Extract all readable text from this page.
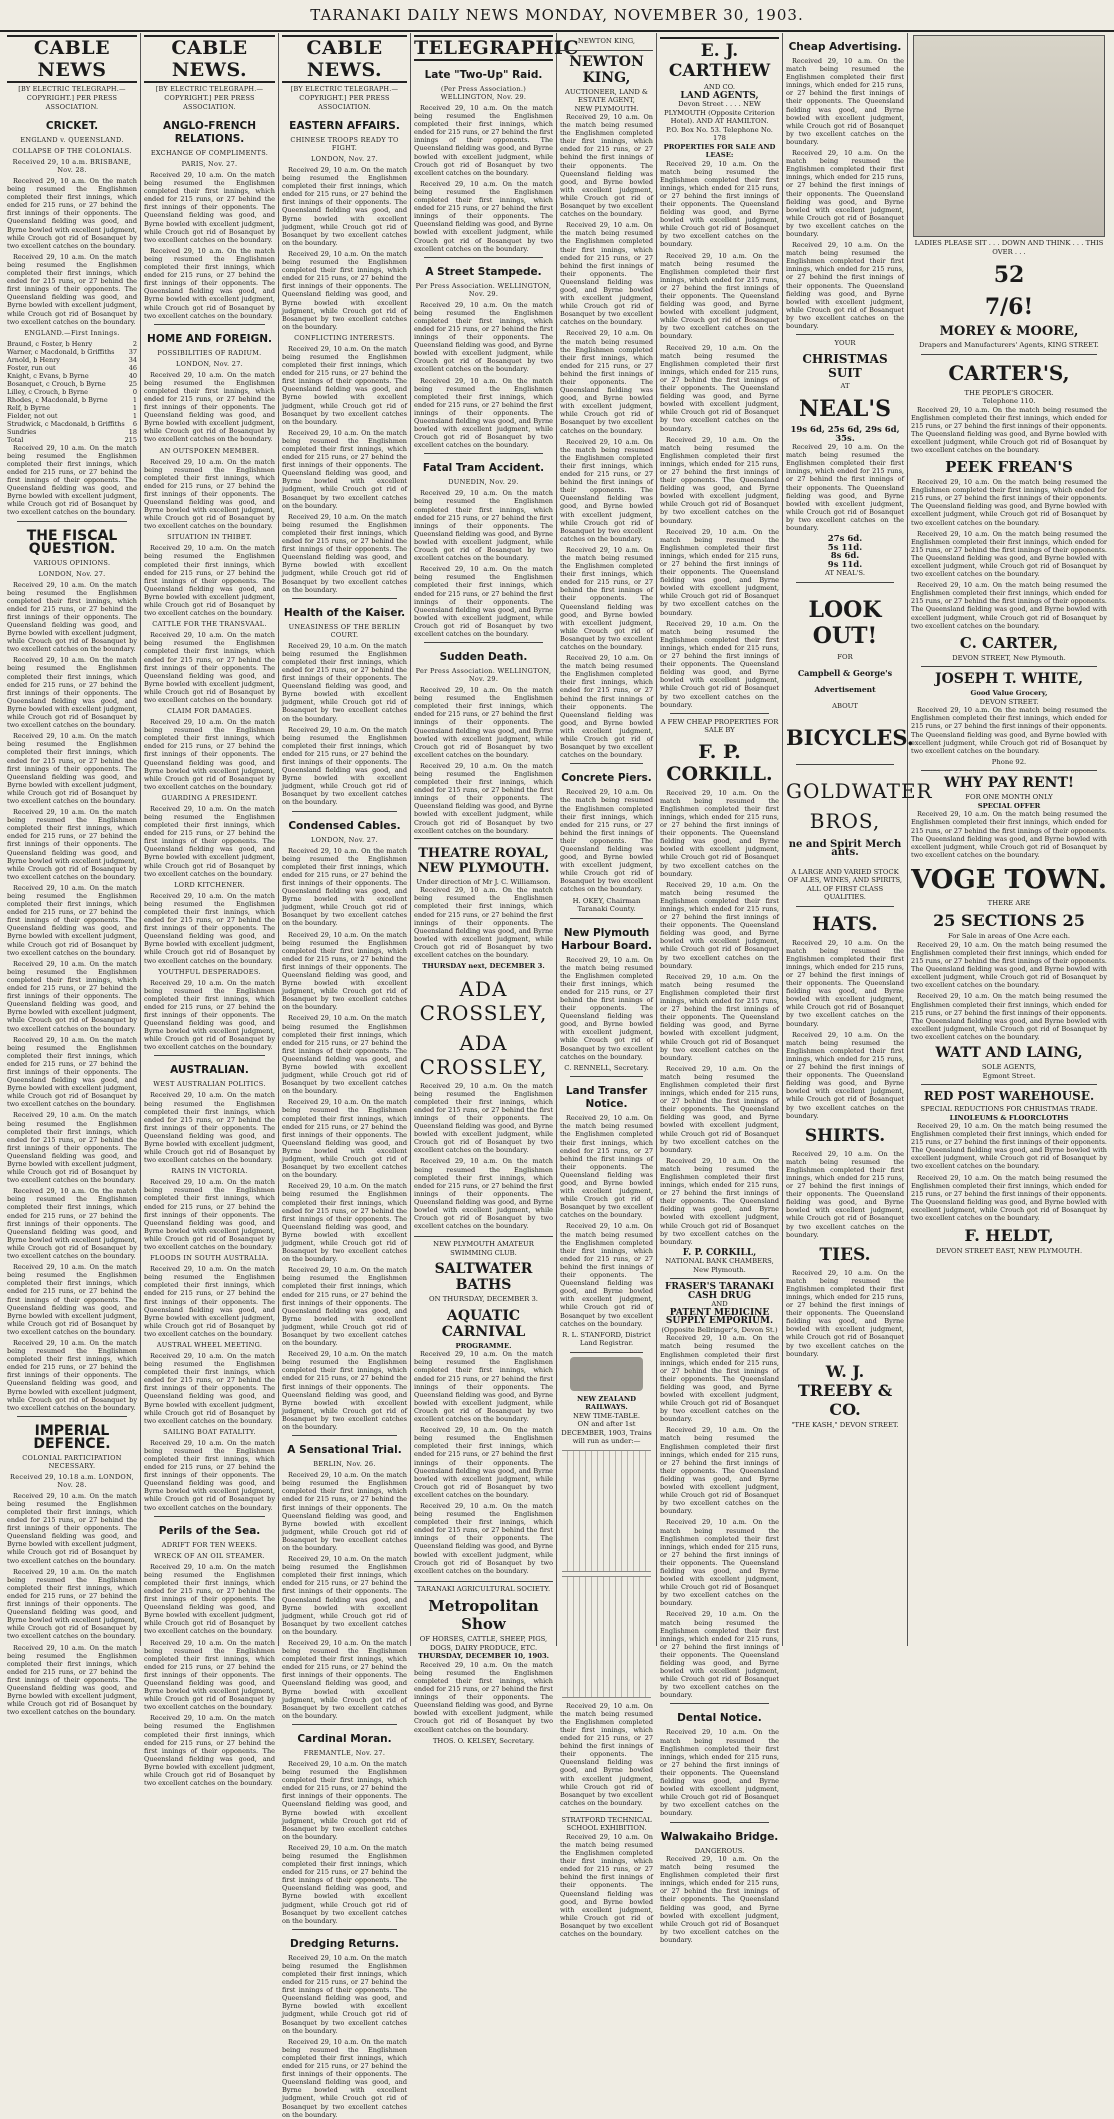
TARANAKI DAILY NEWS MONDAY, NOVEMBER 30, 1903.
CABLE NEWS
[BY ELECTRIC TELEGRAPH.—COPYRIGHT.] PER PRESS ASSOCIATION.
CRICKET.
ENGLAND v. QUEENSLAND.
COLLAPSE OF THE COLONIALS.
Received 29, 10 a.m. BRISBANE, Nov. 28.
Received 29, 10 a.m. On the match being resumed the Englishmen completed their first innings, which ended for 215 runs, or 27 behind the first innings of their opponents. The Queensland fielding was good, and Byrne bowled with excellent judgment, while Crouch got rid of Bosanquet by two excellent catches on the boundary.
Received 29, 10 a.m. On the match being resumed the Englishmen completed their first innings, which ended for 215 runs, or 27 behind the first innings of their opponents. The Queensland fielding was good, and Byrne bowled with excellent judgment, while Crouch got rid of Bosanquet by two excellent catches on the boundary.
ENGLAND.—First Innings.
Braund, c Foster, b Henry	2
Warner, c Macdonald, b Griffiths 37
Arnold, b Henry	34
Foster, run out	46
Knight, c Evans, b Byrne	40
Bosanquet, c Crouch, b Byrne	25
Lilley, c Crouch, b Byrne	0
Rhodes, c Macdonald, b Byrne	1
Relf, b Byrne	1
Fielder, not out	1
Strudwick, c Macdonald, b Griffiths 6
Sundries	18
Total	215
Received 29, 10 a.m. On the match being resumed the Englishmen completed their first innings, which ended for 215 runs, or 27 behind the first innings of their opponents. The Queensland fielding was good, and Byrne bowled with excellent judgment, while Crouch got rid of Bosanquet by two excellent catches on the boundary.
THE FISCAL QUESTION.
VARIOUS OPINIONS.
LONDON, Nov. 27.
Received 29, 10 a.m. On the match being resumed the Englishmen completed their first innings, which ended for 215 runs, or 27 behind the first innings of their opponents. The Queensland fielding was good, and Byrne bowled with excellent judgment, while Crouch got rid of Bosanquet by two excellent catches on the boundary.
Received 29, 10 a.m. On the match being resumed the Englishmen completed their first innings, which ended for 215 runs, or 27 behind the first innings of their opponents. The Queensland fielding was good, and Byrne bowled with excellent judgment, while Crouch got rid of Bosanquet by two excellent catches on the boundary.
Received 29, 10 a.m. On the match being resumed the Englishmen completed their first innings, which ended for 215 runs, or 27 behind the first innings of their opponents. The Queensland fielding was good, and Byrne bowled with excellent judgment, while Crouch got rid of Bosanquet by two excellent catches on the boundary.
Received 29, 10 a.m. On the match being resumed the Englishmen completed their first innings, which ended for 215 runs, or 27 behind the first innings of their opponents. The Queensland fielding was good, and Byrne bowled with excellent judgment, while Crouch got rid of Bosanquet by two excellent catches on the boundary.
Received 29, 10 a.m. On the match being resumed the Englishmen completed their first innings, which ended for 215 runs, or 27 behind the first innings of their opponents. The Queensland fielding was good, and Byrne bowled with excellent judgment, while Crouch got rid of Bosanquet by two excellent catches on the boundary.
Received 29, 10 a.m. On the match being resumed the Englishmen completed their first innings, which ended for 215 runs, or 27 behind the first innings of their opponents. The Queensland fielding was good, and Byrne bowled with excellent judgment, while Crouch got rid of Bosanquet by two excellent catches on the boundary.
Received 29, 10 a.m. On the match being resumed the Englishmen completed their first innings, which ended for 215 runs, or 27 behind the first innings of their opponents. The Queensland fielding was good, and Byrne bowled with excellent judgment, while Crouch got rid of Bosanquet by two excellent catches on the boundary.
Received 29, 10 a.m. On the match being resumed the Englishmen completed their first innings, which ended for 215 runs, or 27 behind the first innings of their opponents. The Queensland fielding was good, and Byrne bowled with excellent judgment, while Crouch got rid of Bosanquet by two excellent catches on the boundary.
Received 29, 10 a.m. On the match being resumed the Englishmen completed their first innings, which ended for 215 runs, or 27 behind the first innings of their opponents. The Queensland fielding was good, and Byrne bowled with excellent judgment, while Crouch got rid of Bosanquet by two excellent catches on the boundary.
Received 29, 10 a.m. On the match being resumed the Englishmen completed their first innings, which ended for 215 runs, or 27 behind the first innings of their opponents. The Queensland fielding was good, and Byrne bowled with excellent judgment, while Crouch got rid of Bosanquet by two excellent catches on the boundary.
Received 29, 10 a.m. On the match being resumed the Englishmen completed their first innings, which ended for 215 runs, or 27 behind the first innings of their opponents. The Queensland fielding was good, and Byrne bowled with excellent judgment, while Crouch got rid of Bosanquet by two excellent catches on the boundary.
IMPERIAL DEFENCE.
COLONIAL PARTICIPATION NECESSARY.
Received 29, 10.18 a.m. LONDON, Nov. 28.
Received 29, 10 a.m. On the match being resumed the Englishmen completed their first innings, which ended for 215 runs, or 27 behind the first innings of their opponents. The Queensland fielding was good, and Byrne bowled with excellent judgment, while Crouch got rid of Bosanquet by two excellent catches on the boundary.
Received 29, 10 a.m. On the match being resumed the Englishmen completed their first innings, which ended for 215 runs, or 27 behind the first innings of their opponents. The Queensland fielding was good, and Byrne bowled with excellent judgment, while Crouch got rid of Bosanquet by two excellent catches on the boundary.
Received 29, 10 a.m. On the match being resumed the Englishmen completed their first innings, which ended for 215 runs, or 27 behind the first innings of their opponents. The Queensland fielding was good, and Byrne bowled with excellent judgment, while Crouch got rid of Bosanquet by two excellent catches on the boundary.
CABLE NEWS.
[BY ELECTRIC TELEGRAPH.—COPYRIGHT.] PER PRESS ASSOCIATION.
ANGLO-FRENCH RELATIONS.
EXCHANGE OF COMPLIMENTS.
PARIS, Nov. 27.
Received 29, 10 a.m. On the match being resumed the Englishmen completed their first innings, which ended for 215 runs, or 27 behind the first innings of their opponents. The Queensland fielding was good, and Byrne bowled with excellent judgment, while Crouch got rid of Bosanquet by two excellent catches on the boundary.
Received 29, 10 a.m. On the match being resumed the Englishmen completed their first innings, which ended for 215 runs, or 27 behind the first innings of their opponents. The Queensland fielding was good, and Byrne bowled with excellent judgment, while Crouch got rid of Bosanquet by two excellent catches on the boundary.
HOME AND FOREIGN.
POSSIBILITIES OF RADIUM.
LONDON, Nov. 27.
Received 29, 10 a.m. On the match being resumed the Englishmen completed their first innings, which ended for 215 runs, or 27 behind the first innings of their opponents. The Queensland fielding was good, and Byrne bowled with excellent judgment, while Crouch got rid of Bosanquet by two excellent catches on the boundary.
AN OUTSPOKEN MEMBER.
Received 29, 10 a.m. On the match being resumed the Englishmen completed their first innings, which ended for 215 runs, or 27 behind the first innings of their opponents. The Queensland fielding was good, and Byrne bowled with excellent judgment, while Crouch got rid of Bosanquet by two excellent catches on the boundary.
SITUATION IN THIBET.
Received 29, 10 a.m. On the match being resumed the Englishmen completed their first innings, which ended for 215 runs, or 27 behind the first innings of their opponents. The Queensland fielding was good, and Byrne bowled with excellent judgment, while Crouch got rid of Bosanquet by two excellent catches on the boundary.
CATTLE FOR THE TRANSVAAL.
Received 29, 10 a.m. On the match being resumed the Englishmen completed their first innings, which ended for 215 runs, or 27 behind the first innings of their opponents. The Queensland fielding was good, and Byrne bowled with excellent judgment, while Crouch got rid of Bosanquet by two excellent catches on the boundary.
CLAIM FOR DAMAGES.
Received 29, 10 a.m. On the match being resumed the Englishmen completed their first innings, which ended for 215 runs, or 27 behind the first innings of their opponents. The Queensland fielding was good, and Byrne bowled with excellent judgment, while Crouch got rid of Bosanquet by two excellent catches on the boundary.
GUARDING A PRESIDENT.
Received 29, 10 a.m. On the match being resumed the Englishmen completed their first innings, which ended for 215 runs, or 27 behind the first innings of their opponents. The Queensland fielding was good, and Byrne bowled with excellent judgment, while Crouch got rid of Bosanquet by two excellent catches on the boundary.
LORD KITCHENER.
Received 29, 10 a.m. On the match being resumed the Englishmen completed their first innings, which ended for 215 runs, or 27 behind the first innings of their opponents. The Queensland fielding was good, and Byrne bowled with excellent judgment, while Crouch got rid of Bosanquet by two excellent catches on the boundary.
YOUTHFUL DESPERADOES.
Received 29, 10 a.m. On the match being resumed the Englishmen completed their first innings, which ended for 215 runs, or 27 behind the first innings of their opponents. The Queensland fielding was good, and Byrne bowled with excellent judgment, while Crouch got rid of Bosanquet by two excellent catches on the boundary.
AUSTRALIAN.
WEST AUSTRALIAN POLITICS.
Received 29, 10 a.m. On the match being resumed the Englishmen completed their first innings, which ended for 215 runs, or 27 behind the first innings of their opponents. The Queensland fielding was good, and Byrne bowled with excellent judgment, while Crouch got rid of Bosanquet by two excellent catches on the boundary.
RAINS IN VICTORIA.
Received 29, 10 a.m. On the match being resumed the Englishmen completed their first innings, which ended for 215 runs, or 27 behind the first innings of their opponents. The Queensland fielding was good, and Byrne bowled with excellent judgment, while Crouch got rid of Bosanquet by two excellent catches on the boundary.
FLOODS IN SOUTH AUSTRALIA.
Received 29, 10 a.m. On the match being resumed the Englishmen completed their first innings, which ended for 215 runs, or 27 behind the first innings of their opponents. The Queensland fielding was good, and Byrne bowled with excellent judgment, while Crouch got rid of Bosanquet by two excellent catches on the boundary.
AUSTRAL WHEEL MEETING.
Received 29, 10 a.m. On the match being resumed the Englishmen completed their first innings, which ended for 215 runs, or 27 behind the first innings of their opponents. The Queensland fielding was good, and Byrne bowled with excellent judgment, while Crouch got rid of Bosanquet by two excellent catches on the boundary.
SAILING BOAT FATALITY.
Received 29, 10 a.m. On the match being resumed the Englishmen completed their first innings, which ended for 215 runs, or 27 behind the first innings of their opponents. The Queensland fielding was good, and Byrne bowled with excellent judgment, while Crouch got rid of Bosanquet by two excellent catches on the boundary.
Perils of the Sea.
ADRIFT FOR TEN WEEKS.
WRECK OF AN OIL STEAMER.
Received 29, 10 a.m. On the match being resumed the Englishmen completed their first innings, which ended for 215 runs, or 27 behind the first innings of their opponents. The Queensland fielding was good, and Byrne bowled with excellent judgment, while Crouch got rid of Bosanquet by two excellent catches on the boundary.
Received 29, 10 a.m. On the match being resumed the Englishmen completed their first innings, which ended for 215 runs, or 27 behind the first innings of their opponents. The Queensland fielding was good, and Byrne bowled with excellent judgment, while Crouch got rid of Bosanquet by two excellent catches on the boundary.
Received 29, 10 a.m. On the match being resumed the Englishmen completed their first innings, which ended for 215 runs, or 27 behind the first innings of their opponents. The Queensland fielding was good, and Byrne bowled with excellent judgment, while Crouch got rid of Bosanquet by two excellent catches on the boundary.
CABLE NEWS.
[BY ELECTRIC TELEGRAPH.—COPYRIGHT.] PER PRESS ASSOCIATION.
EASTERN AFFAIRS.
CHINESE TROOPS READY TO FIGHT.
LONDON, Nov. 27.
Received 29, 10 a.m. On the match being resumed the Englishmen completed their first innings, which ended for 215 runs, or 27 behind the first innings of their opponents. The Queensland fielding was good, and Byrne bowled with excellent judgment, while Crouch got rid of Bosanquet by two excellent catches on the boundary.
Received 29, 10 a.m. On the match being resumed the Englishmen completed their first innings, which ended for 215 runs, or 27 behind the first innings of their opponents. The Queensland fielding was good, and Byrne bowled with excellent judgment, while Crouch got rid of Bosanquet by two excellent catches on the boundary.
CONFLICTING INTERESTS.
Received 29, 10 a.m. On the match being resumed the Englishmen completed their first innings, which ended for 215 runs, or 27 behind the first innings of their opponents. The Queensland fielding was good, and Byrne bowled with excellent judgment, while Crouch got rid of Bosanquet by two excellent catches on the boundary.
Received 29, 10 a.m. On the match being resumed the Englishmen completed their first innings, which ended for 215 runs, or 27 behind the first innings of their opponents. The Queensland fielding was good, and Byrne bowled with excellent judgment, while Crouch got rid of Bosanquet by two excellent catches on the boundary.
Received 29, 10 a.m. On the match being resumed the Englishmen completed their first innings, which ended for 215 runs, or 27 behind the first innings of their opponents. The Queensland fielding was good, and Byrne bowled with excellent judgment, while Crouch got rid of Bosanquet by two excellent catches on the boundary.
Health of the Kaiser.
UNEASINESS OF THE BERLIN COURT.
Received 29, 10 a.m. On the match being resumed the Englishmen completed their first innings, which ended for 215 runs, or 27 behind the first innings of their opponents. The Queensland fielding was good, and Byrne bowled with excellent judgment, while Crouch got rid of Bosanquet by two excellent catches on the boundary.
Received 29, 10 a.m. On the match being resumed the Englishmen completed their first innings, which ended for 215 runs, or 27 behind the first innings of their opponents. The Queensland fielding was good, and Byrne bowled with excellent judgment, while Crouch got rid of Bosanquet by two excellent catches on the boundary.
Condensed Cables.
LONDON, Nov. 27.
Received 29, 10 a.m. On the match being resumed the Englishmen completed their first innings, which ended for 215 runs, or 27 behind the first innings of their opponents. The Queensland fielding was good, and Byrne bowled with excellent judgment, while Crouch got rid of Bosanquet by two excellent catches on the boundary.
Received 29, 10 a.m. On the match being resumed the Englishmen completed their first innings, which ended for 215 runs, or 27 behind the first innings of their opponents. The Queensland fielding was good, and Byrne bowled with excellent judgment, while Crouch got rid of Bosanquet by two excellent catches on the boundary.
Received 29, 10 a.m. On the match being resumed the Englishmen completed their first innings, which ended for 215 runs, or 27 behind the first innings of their opponents. The Queensland fielding was good, and Byrne bowled with excellent judgment, while Crouch got rid of Bosanquet by two excellent catches on the boundary.
Received 29, 10 a.m. On the match being resumed the Englishmen completed their first innings, which ended for 215 runs, or 27 behind the first innings of their opponents. The Queensland fielding was good, and Byrne bowled with excellent judgment, while Crouch got rid of Bosanquet by two excellent catches on the boundary.
Received 29, 10 a.m. On the match being resumed the Englishmen completed their first innings, which ended for 215 runs, or 27 behind the first innings of their opponents. The Queensland fielding was good, and Byrne bowled with excellent judgment, while Crouch got rid of Bosanquet by two excellent catches on the boundary.
Received 29, 10 a.m. On the match being resumed the Englishmen completed their first innings, which ended for 215 runs, or 27 behind the first innings of their opponents. The Queensland fielding was good, and Byrne bowled with excellent judgment, while Crouch got rid of Bosanquet by two excellent catches on the boundary.
Received 29, 10 a.m. On the match being resumed the Englishmen completed their first innings, which ended for 215 runs, or 27 behind the first innings of their opponents. The Queensland fielding was good, and Byrne bowled with excellent judgment, while Crouch got rid of Bosanquet by two excellent catches on the boundary.
A Sensational Trial.
BERLIN, Nov. 26.
Received 29, 10 a.m. On the match being resumed the Englishmen completed their first innings, which ended for 215 runs, or 27 behind the first innings of their opponents. The Queensland fielding was good, and Byrne bowled with excellent judgment, while Crouch got rid of Bosanquet by two excellent catches on the boundary.
Received 29, 10 a.m. On the match being resumed the Englishmen completed their first innings, which ended for 215 runs, or 27 behind the first innings of their opponents. The Queensland fielding was good, and Byrne bowled with excellent judgment, while Crouch got rid of Bosanquet by two excellent catches on the boundary.
Received 29, 10 a.m. On the match being resumed the Englishmen completed their first innings, which ended for 215 runs, or 27 behind the first innings of their opponents. The Queensland fielding was good, and Byrne bowled with excellent judgment, while Crouch got rid of Bosanquet by two excellent catches on the boundary.
Cardinal Moran.
FREMANTLE, Nov. 27.
Received 29, 10 a.m. On the match being resumed the Englishmen completed their first innings, which ended for 215 runs, or 27 behind the first innings of their opponents. The Queensland fielding was good, and Byrne bowled with excellent judgment, while Crouch got rid of Bosanquet by two excellent catches on the boundary.
Received 29, 10 a.m. On the match being resumed the Englishmen completed their first innings, which ended for 215 runs, or 27 behind the first innings of their opponents. The Queensland fielding was good, and Byrne bowled with excellent judgment, while Crouch got rid of Bosanquet by two excellent catches on the boundary.
Dredging Returns.
Received 29, 10 a.m. On the match being resumed the Englishmen completed their first innings, which ended for 215 runs, or 27 behind the first innings of their opponents. The Queensland fielding was good, and Byrne bowled with excellent judgment, while Crouch got rid of Bosanquet by two excellent catches on the boundary.
Received 29, 10 a.m. On the match being resumed the Englishmen completed their first innings, which ended for 215 runs, or 27 behind the first innings of their opponents. The Queensland fielding was good, and Byrne bowled with excellent judgment, while Crouch got rid of Bosanquet by two excellent catches on the boundary.
TELEGRAPHIC
Late "Two-Up" Raid.
(Per Press Association.) WELLINGTON, Nov. 29.
Received 29, 10 a.m. On the match being resumed the Englishmen completed their first innings, which ended for 215 runs, or 27 behind the first innings of their opponents. The Queensland fielding was good, and Byrne bowled with excellent judgment, while Crouch got rid of Bosanquet by two excellent catches on the boundary.
Received 29, 10 a.m. On the match being resumed the Englishmen completed their first innings, which ended for 215 runs, or 27 behind the first innings of their opponents. The Queensland fielding was good, and Byrne bowled with excellent judgment, while Crouch got rid of Bosanquet by two excellent catches on the boundary.
A Street Stampede.
Per Press Association. WELLINGTON, Nov. 29.
Received 29, 10 a.m. On the match being resumed the Englishmen completed their first innings, which ended for 215 runs, or 27 behind the first innings of their opponents. The Queensland fielding was good, and Byrne bowled with excellent judgment, while Crouch got rid of Bosanquet by two excellent catches on the boundary.
Received 29, 10 a.m. On the match being resumed the Englishmen completed their first innings, which ended for 215 runs, or 27 behind the first innings of their opponents. The Queensland fielding was good, and Byrne bowled with excellent judgment, while Crouch got rid of Bosanquet by two excellent catches on the boundary.
Fatal Tram Accident.
DUNEDIN, Nov. 29.
Received 29, 10 a.m. On the match being resumed the Englishmen completed their first innings, which ended for 215 runs, or 27 behind the first innings of their opponents. The Queensland fielding was good, and Byrne bowled with excellent judgment, while Crouch got rid of Bosanquet by two excellent catches on the boundary.
Received 29, 10 a.m. On the match being resumed the Englishmen completed their first innings, which ended for 215 runs, or 27 behind the first innings of their opponents. The Queensland fielding was good, and Byrne bowled with excellent judgment, while Crouch got rid of Bosanquet by two excellent catches on the boundary.
Sudden Death.
Per Press Association. WELLINGTON, Nov. 29.
Received 29, 10 a.m. On the match being resumed the Englishmen completed their first innings, which ended for 215 runs, or 27 behind the first innings of their opponents. The Queensland fielding was good, and Byrne bowled with excellent judgment, while Crouch got rid of Bosanquet by two excellent catches on the boundary.
Received 29, 10 a.m. On the match being resumed the Englishmen completed their first innings, which ended for 215 runs, or 27 behind the first innings of their opponents. The Queensland fielding was good, and Byrne bowled with excellent judgment, while Crouch got rid of Bosanquet by two excellent catches on the boundary.
THEATRE ROYAL, NEW PLYMOUTH.
Under direction of Mr J. C. Williamson.
Received 29, 10 a.m. On the match being resumed the Englishmen completed their first innings, which ended for 215 runs, or 27 behind the first innings of their opponents. The Queensland fielding was good, and Byrne bowled with excellent judgment, while Crouch got rid of Bosanquet by two excellent catches on the boundary.
THURSDAY next, DECEMBER 3.
ADA CROSSLEY,
ADA CROSSLEY,
Received 29, 10 a.m. On the match being resumed the Englishmen completed their first innings, which ended for 215 runs, or 27 behind the first innings of their opponents. The Queensland fielding was good, and Byrne bowled with excellent judgment, while Crouch got rid of Bosanquet by two excellent catches on the boundary.
Received 29, 10 a.m. On the match being resumed the Englishmen completed their first innings, which ended for 215 runs, or 27 behind the first innings of their opponents. The Queensland fielding was good, and Byrne bowled with excellent judgment, while Crouch got rid of Bosanquet by two excellent catches on the boundary.
NEW PLYMOUTH AMATEUR SWIMMING CLUB.
SALTWATER BATHS
ON THURSDAY, DECEMBER 3.
AQUATIC CARNIVAL
PROGRAMME.
Received 29, 10 a.m. On the match being resumed the Englishmen completed their first innings, which ended for 215 runs, or 27 behind the first innings of their opponents. The Queensland fielding was good, and Byrne bowled with excellent judgment, while Crouch got rid of Bosanquet by two excellent catches on the boundary.
Received 29, 10 a.m. On the match being resumed the Englishmen completed their first innings, which ended for 215 runs, or 27 behind the first innings of their opponents. The Queensland fielding was good, and Byrne bowled with excellent judgment, while Crouch got rid of Bosanquet by two excellent catches on the boundary.
Received 29, 10 a.m. On the match being resumed the Englishmen completed their first innings, which ended for 215 runs, or 27 behind the first innings of their opponents. The Queensland fielding was good, and Byrne bowled with excellent judgment, while Crouch got rid of Bosanquet by two excellent catches on the boundary.
TARANAKI AGRICULTURAL SOCIETY.
Metropolitan Show
OF HORSES, CATTLE, SHEEP, PIGS, DOGS, DAIRY PRODUCE, ETC.
THURSDAY, DECEMBER 10, 1903.
Received 29, 10 a.m. On the match being resumed the Englishmen completed their first innings, which ended for 215 runs, or 27 behind the first innings of their opponents. The Queensland fielding was good, and Byrne bowled with excellent judgment, while Crouch got rid of Bosanquet by two excellent catches on the boundary.
THOS. O. KELSEY, Secretary.
NEWTON KING,
NEWTON KING,
AUCTIONEER, LAND & ESTATE AGENT,
NEW PLYMOUTH.
Received 29, 10 a.m. On the match being resumed the Englishmen completed their first innings, which ended for 215 runs, or 27 behind the first innings of their opponents. The Queensland fielding was good, and Byrne bowled with excellent judgment, while Crouch got rid of Bosanquet by two excellent catches on the boundary.
Received 29, 10 a.m. On the match being resumed the Englishmen completed their first innings, which ended for 215 runs, or 27 behind the first innings of their opponents. The Queensland fielding was good, and Byrne bowled with excellent judgment, while Crouch got rid of Bosanquet by two excellent catches on the boundary.
Received 29, 10 a.m. On the match being resumed the Englishmen completed their first innings, which ended for 215 runs, or 27 behind the first innings of their opponents. The Queensland fielding was good, and Byrne bowled with excellent judgment, while Crouch got rid of Bosanquet by two excellent catches on the boundary.
Received 29, 10 a.m. On the match being resumed the Englishmen completed their first innings, which ended for 215 runs, or 27 behind the first innings of their opponents. The Queensland fielding was good, and Byrne bowled with excellent judgment, while Crouch got rid of Bosanquet by two excellent catches on the boundary.
Received 29, 10 a.m. On the match being resumed the Englishmen completed their first innings, which ended for 215 runs, or 27 behind the first innings of their opponents. The Queensland fielding was good, and Byrne bowled with excellent judgment, while Crouch got rid of Bosanquet by two excellent catches on the boundary.
Received 29, 10 a.m. On the match being resumed the Englishmen completed their first innings, which ended for 215 runs, or 27 behind the first innings of their opponents. The Queensland fielding was good, and Byrne bowled with excellent judgment, while Crouch got rid of Bosanquet by two excellent catches on the boundary.
Concrete Piers.
Received 29, 10 a.m. On the match being resumed the Englishmen completed their first innings, which ended for 215 runs, or 27 behind the first innings of their opponents. The Queensland fielding was good, and Byrne bowled with excellent judgment, while Crouch got rid of Bosanquet by two excellent catches on the boundary.
H. OKEY, Chairman Taranaki County.
New Plymouth Harbour Board.
Received 29, 10 a.m. On the match being resumed the Englishmen completed their first innings, which ended for 215 runs, or 27 behind the first innings of their opponents. The Queensland fielding was good, and Byrne bowled with excellent judgment, while Crouch got rid of Bosanquet by two excellent catches on the boundary.
C. RENNELL, Secretary.
Land Transfer Notice.
Received 29, 10 a.m. On the match being resumed the Englishmen completed their first innings, which ended for 215 runs, or 27 behind the first innings of their opponents. The Queensland fielding was good, and Byrne bowled with excellent judgment, while Crouch got rid of Bosanquet by two excellent catches on the boundary.
Received 29, 10 a.m. On the match being resumed the Englishmen completed their first innings, which ended for 215 runs, or 27 behind the first innings of their opponents. The Queensland fielding was good, and Byrne bowled with excellent judgment, while Crouch got rid of Bosanquet by two excellent catches on the boundary.
R. L. STANFORD, District Land Registrar.
NEW ZEALAND RAILWAYS.
NEW TIME-TABLE.
ON and after 1st DECEMBER, 1903, Trains will run as under:—
Received 29, 10 a.m. On the match being resumed the Englishmen completed their first innings, which ended for 215 runs, or 27 behind the first innings of their opponents. The Queensland fielding was good, and Byrne bowled with excellent judgment, while Crouch got rid of Bosanquet by two excellent catches on the boundary.
STRATFORD TECHNICAL SCHOOL EXHIBITION.
Received 29, 10 a.m. On the match being resumed the Englishmen completed their first innings, which ended for 215 runs, or 27 behind the first innings of their opponents. The Queensland fielding was good, and Byrne bowled with excellent judgment, while Crouch got rid of Bosanquet by two excellent catches on the boundary.
E. J. CARTHEW
AND CO.
LAND AGENTS,
Devon Street . . . . NEW PLYMOUTH (Opposite Criterion Hotel). AND AT HAMILTON.
P.O. Box No. 53. Telephone No. 178
PROPERTIES FOR SALE AND LEASE:
Received 29, 10 a.m. On the match being resumed the Englishmen completed their first innings, which ended for 215 runs, or 27 behind the first innings of their opponents. The Queensland fielding was good, and Byrne bowled with excellent judgment, while Crouch got rid of Bosanquet by two excellent catches on the boundary.
Received 29, 10 a.m. On the match being resumed the Englishmen completed their first innings, which ended for 215 runs, or 27 behind the first innings of their opponents. The Queensland fielding was good, and Byrne bowled with excellent judgment, while Crouch got rid of Bosanquet by two excellent catches on the boundary.
Received 29, 10 a.m. On the match being resumed the Englishmen completed their first innings, which ended for 215 runs, or 27 behind the first innings of their opponents. The Queensland fielding was good, and Byrne bowled with excellent judgment, while Crouch got rid of Bosanquet by two excellent catches on the boundary.
Received 29, 10 a.m. On the match being resumed the Englishmen completed their first innings, which ended for 215 runs, or 27 behind the first innings of their opponents. The Queensland fielding was good, and Byrne bowled with excellent judgment, while Crouch got rid of Bosanquet by two excellent catches on the boundary.
Received 29, 10 a.m. On the match being resumed the Englishmen completed their first innings, which ended for 215 runs, or 27 behind the first innings of their opponents. The Queensland fielding was good, and Byrne bowled with excellent judgment, while Crouch got rid of Bosanquet by two excellent catches on the boundary.
Received 29, 10 a.m. On the match being resumed the Englishmen completed their first innings, which ended for 215 runs, or 27 behind the first innings of their opponents. The Queensland fielding was good, and Byrne bowled with excellent judgment, while Crouch got rid of Bosanquet by two excellent catches on the boundary.
A FEW CHEAP PROPERTIES FOR SALE BY
F. P. CORKILL.
Received 29, 10 a.m. On the match being resumed the Englishmen completed their first innings, which ended for 215 runs, or 27 behind the first innings of their opponents. The Queensland fielding was good, and Byrne bowled with excellent judgment, while Crouch got rid of Bosanquet by two excellent catches on the boundary.
Received 29, 10 a.m. On the match being resumed the Englishmen completed their first innings, which ended for 215 runs, or 27 behind the first innings of their opponents. The Queensland fielding was good, and Byrne bowled with excellent judgment, while Crouch got rid of Bosanquet by two excellent catches on the boundary.
Received 29, 10 a.m. On the match being resumed the Englishmen completed their first innings, which ended for 215 runs, or 27 behind the first innings of their opponents. The Queensland fielding was good, and Byrne bowled with excellent judgment, while Crouch got rid of Bosanquet by two excellent catches on the boundary.
Received 29, 10 a.m. On the match being resumed the Englishmen completed their first innings, which ended for 215 runs, or 27 behind the first innings of their opponents. The Queensland fielding was good, and Byrne bowled with excellent judgment, while Crouch got rid of Bosanquet by two excellent catches on the boundary.
Received 29, 10 a.m. On the match being resumed the Englishmen completed their first innings, which ended for 215 runs, or 27 behind the first innings of their opponents. The Queensland fielding was good, and Byrne bowled with excellent judgment, while Crouch got rid of Bosanquet by two excellent catches on the boundary.
F. P. CORKILL,
NATIONAL BANK CHAMBERS, New Plymouth.
FRASER'S TARANAKI CASH DRUG
AND
PATENT MEDICINE SUPPLY EMPORIUM.
(Opposite Bellringer's, Devon St.)
Received 29, 10 a.m. On the match being resumed the Englishmen completed their first innings, which ended for 215 runs, or 27 behind the first innings of their opponents. The Queensland fielding was good, and Byrne bowled with excellent judgment, while Crouch got rid of Bosanquet by two excellent catches on the boundary.
Received 29, 10 a.m. On the match being resumed the Englishmen completed their first innings, which ended for 215 runs, or 27 behind the first innings of their opponents. The Queensland fielding was good, and Byrne bowled with excellent judgment, while Crouch got rid of Bosanquet by two excellent catches on the boundary.
Received 29, 10 a.m. On the match being resumed the Englishmen completed their first innings, which ended for 215 runs, or 27 behind the first innings of their opponents. The Queensland fielding was good, and Byrne bowled with excellent judgment, while Crouch got rid of Bosanquet by two excellent catches on the boundary.
Received 29, 10 a.m. On the match being resumed the Englishmen completed their first innings, which ended for 215 runs, or 27 behind the first innings of their opponents. The Queensland fielding was good, and Byrne bowled with excellent judgment, while Crouch got rid of Bosanquet by two excellent catches on the boundary.
Dental Notice.
Received 29, 10 a.m. On the match being resumed the Englishmen completed their first innings, which ended for 215 runs, or 27 behind the first innings of their opponents. The Queensland fielding was good, and Byrne bowled with excellent judgment, while Crouch got rid of Bosanquet by two excellent catches on the boundary.
Walwakaiho Bridge.
DANGEROUS.
Received 29, 10 a.m. On the match being resumed the Englishmen completed their first innings, which ended for 215 runs, or 27 behind the first innings of their opponents. The Queensland fielding was good, and Byrne bowled with excellent judgment, while Crouch got rid of Bosanquet by two excellent catches on the boundary.
Cheap Advertising.
Received 29, 10 a.m. On the match being resumed the Englishmen completed their first innings, which ended for 215 runs, or 27 behind the first innings of their opponents. The Queensland fielding was good, and Byrne bowled with excellent judgment, while Crouch got rid of Bosanquet by two excellent catches on the boundary.
Received 29, 10 a.m. On the match being resumed the Englishmen completed their first innings, which ended for 215 runs, or 27 behind the first innings of their opponents. The Queensland fielding was good, and Byrne bowled with excellent judgment, while Crouch got rid of Bosanquet by two excellent catches on the boundary.
Received 29, 10 a.m. On the match being resumed the Englishmen completed their first innings, which ended for 215 runs, or 27 behind the first innings of their opponents. The Queensland fielding was good, and Byrne bowled with excellent judgment, while Crouch got rid of Bosanquet by two excellent catches on the boundary.
YOUR
CHRISTMAS SUIT
AT
NEAL'S
19s 6d, 25s 6d, 29s 6d, 35s.
Received 29, 10 a.m. On the match being resumed the Englishmen completed their first innings, which ended for 215 runs, or 27 behind the first innings of their opponents. The Queensland fielding was good, and Byrne bowled with excellent judgment, while Crouch got rid of Bosanquet by two excellent catches on the boundary.
27s 6d.
5s 11d.
8s 6d.
9s 11d.
AT NEAL'S.
LOOK OUT!
FOR
Campbell & George's
Advertisement
ABOUT
BICYCLES.
GOLDWATER
BROS,
ne and Spirit Merch ants.
A LARGE AND VARIED STOCK OF ALES, WINES, AND SPIRITS, ALL OF FIRST CLASS QUALITIES.
HATS.
Received 29, 10 a.m. On the match being resumed the Englishmen completed their first innings, which ended for 215 runs, or 27 behind the first innings of their opponents. The Queensland fielding was good, and Byrne bowled with excellent judgment, while Crouch got rid of Bosanquet by two excellent catches on the boundary.
Received 29, 10 a.m. On the match being resumed the Englishmen completed their first innings, which ended for 215 runs, or 27 behind the first innings of their opponents. The Queensland fielding was good, and Byrne bowled with excellent judgment, while Crouch got rid of Bosanquet by two excellent catches on the boundary.
SHIRTS.
Received 29, 10 a.m. On the match being resumed the Englishmen completed their first innings, which ended for 215 runs, or 27 behind the first innings of their opponents. The Queensland fielding was good, and Byrne bowled with excellent judgment, while Crouch got rid of Bosanquet by two excellent catches on the boundary.
TIES.
Received 29, 10 a.m. On the match being resumed the Englishmen completed their first innings, which ended for 215 runs, or 27 behind the first innings of their opponents. The Queensland fielding was good, and Byrne bowled with excellent judgment, while Crouch got rid of Bosanquet by two excellent catches on the boundary.
W. J. TREEBY & CO.
"THE KASH," DEVON STREET.
LADIES PLEASE SIT . . . DOWN AND THINK . . . THIS OVER . . .
52
7/6!
MOREY & MOORE,
Drapers and Manufacturers' Agents, KING STREET.
CARTER'S,
THE PEOPLE'S GROCER.
Telephone 110.
Received 29, 10 a.m. On the match being resumed the Englishmen completed their first innings, which ended for 215 runs, or 27 behind the first innings of their opponents. The Queensland fielding was good, and Byrne bowled with excellent judgment, while Crouch got rid of Bosanquet by two excellent catches on the boundary.
PEEK FREAN'S
Received 29, 10 a.m. On the match being resumed the Englishmen completed their first innings, which ended for 215 runs, or 27 behind the first innings of their opponents. The Queensland fielding was good, and Byrne bowled with excellent judgment, while Crouch got rid of Bosanquet by two excellent catches on the boundary.
Received 29, 10 a.m. On the match being resumed the Englishmen completed their first innings, which ended for 215 runs, or 27 behind the first innings of their opponents. The Queensland fielding was good, and Byrne bowled with excellent judgment, while Crouch got rid of Bosanquet by two excellent catches on the boundary.
Received 29, 10 a.m. On the match being resumed the Englishmen completed their first innings, which ended for 215 runs, or 27 behind the first innings of their opponents. The Queensland fielding was good, and Byrne bowled with excellent judgment, while Crouch got rid of Bosanquet by two excellent catches on the boundary.
C. CARTER,
DEVON STREET, New Plymouth.
JOSEPH T. WHITE,
Good Value Grocery,
DEVON STREET.
Received 29, 10 a.m. On the match being resumed the Englishmen completed their first innings, which ended for 215 runs, or 27 behind the first innings of their opponents. The Queensland fielding was good, and Byrne bowled with excellent judgment, while Crouch got rid of Bosanquet by two excellent catches on the boundary.
Phone 92.
WHY PAY RENT!
FOR ONE MONTH ONLY
SPECIAL OFFER
Received 29, 10 a.m. On the match being resumed the Englishmen completed their first innings, which ended for 215 runs, or 27 behind the first innings of their opponents. The Queensland fielding was good, and Byrne bowled with excellent judgment, while Crouch got rid of Bosanquet by two excellent catches on the boundary.
VOGE TOWN.
THERE ARE
25 SECTIONS 25
For Sale in areas of One Acre each.
Received 29, 10 a.m. On the match being resumed the Englishmen completed their first innings, which ended for 215 runs, or 27 behind the first innings of their opponents. The Queensland fielding was good, and Byrne bowled with excellent judgment, while Crouch got rid of Bosanquet by two excellent catches on the boundary.
Received 29, 10 a.m. On the match being resumed the Englishmen completed their first innings, which ended for 215 runs, or 27 behind the first innings of their opponents. The Queensland fielding was good, and Byrne bowled with excellent judgment, while Crouch got rid of Bosanquet by two excellent catches on the boundary.
WATT AND LAING,
SOLE AGENTS,
Egmont Street.
RED POST WAREHOUSE.
SPECIAL REDUCTIONS FOR CHRISTMAS TRADE.
LINOLEUMS & FLOORCLOTHS
Received 29, 10 a.m. On the match being resumed the Englishmen completed their first innings, which ended for 215 runs, or 27 behind the first innings of their opponents. The Queensland fielding was good, and Byrne bowled with excellent judgment, while Crouch got rid of Bosanquet by two excellent catches on the boundary.
Received 29, 10 a.m. On the match being resumed the Englishmen completed their first innings, which ended for 215 runs, or 27 behind the first innings of their opponents. The Queensland fielding was good, and Byrne bowled with excellent judgment, while Crouch got rid of Bosanquet by two excellent catches on the boundary.
F. HELDT,
DEVON STREET EAST, NEW PLYMOUTH.
